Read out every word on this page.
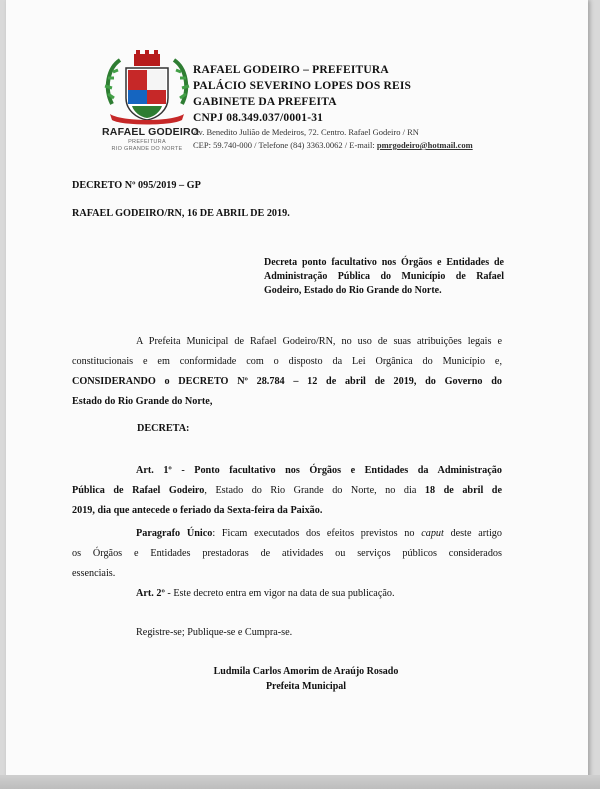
RAFAEL GODEIRO
PREFEITURA
RIO GRANDE DO NORTE
RAFAEL GODEIRO – PREFEITURA
PALÁCIO SEVERINO LOPES DOS REIS
GABINETE DA PREFEITA
CNPJ 08.349.037/0001-31
Av. Benedito Julião de Medeiros, 72. Centro. Rafael Godeiro / RN
CEP: 59.740-000 / Telefone (84) 3363.0062 / E-mail: pmrgodeiro@hotmail.com
DECRETO Nº 095/2019 – GP
RAFAEL GODEIRO/RN, 16 DE ABRIL DE 2019.
Decreta ponto facultativo nos Órgãos e Entidades de
Administração Pública do Município de Rafael
Godeiro, Estado do Rio Grande do Norte.
A Prefeita Municipal de Rafael Godeiro/RN, no uso de suas atribuições legais e
constitucionais e em conformidade com o disposto da Lei Orgânica do Município e,
CONSIDERANDO o DECRETO Nº 28.784 – 12 de abril de 2019, do Governo do
Estado do Rio Grande do Norte,
DECRETA:
Art. 1º - Ponto facultativo nos Órgãos e Entidades da Administração
Pública de Rafael Godeiro, Estado do Rio Grande do Norte, no dia 18 de abril de
2019, dia que antecede o feriado da Sexta-feira da Paixão.
Paragrafo Único: Ficam executados dos efeitos previstos no caput deste artigo
os Órgãos e Entidades prestadoras de atividades ou serviços públicos considerados
essenciais.
Art. 2º - Este decreto entra em vigor na data de sua publicação.
Registre-se; Publique-se e Cumpra-se.
Ludmila Carlos Amorim de Araújo Rosado
Prefeita Municipal
